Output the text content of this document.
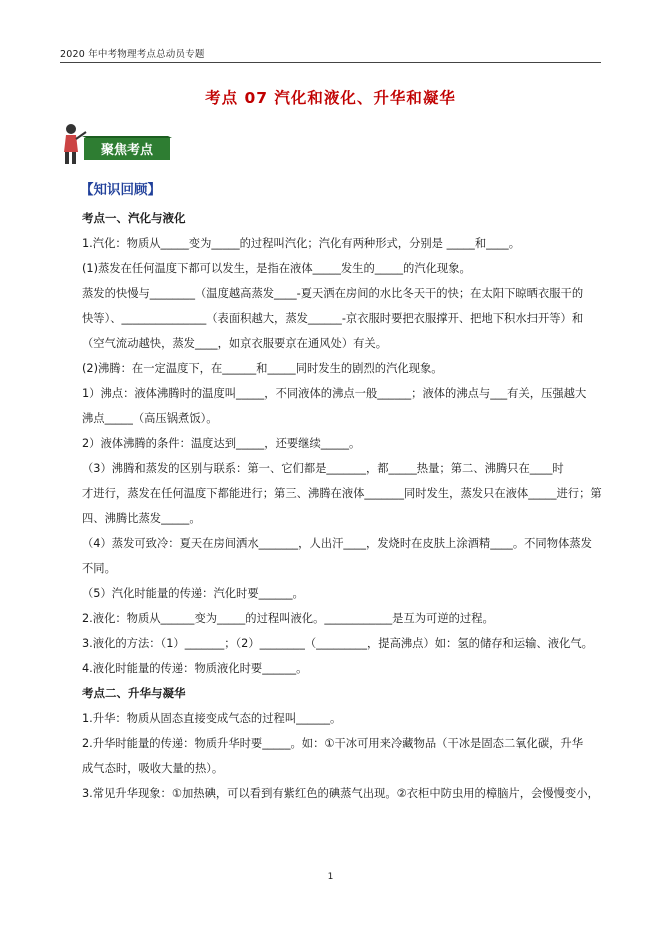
2020 年中考物理考点总动员专题
考点 07 汽化和液化、升华和凝华
聚焦考点
【知识回顾】
考点一、汽化与液化
1.汽化：物质从_____变为_____的过程叫汽化；汽化有两种形式，分别是 _____和____。
(1)蒸发在任何温度下都可以发生，是指在液体_____发生的_____的汽化现象。
蒸发的快慢与________（温度越高蒸发____-夏天洒在房间的水比冬天干的快；在太阳下晾晒衣服干的
快等）、_______________（表面积越大，蒸发______-京衣服时要把衣服撑开、把地下积水扫开等）和
（空气流动越快，蒸发____，如京衣服要京在通风处）有关。
(2)沸腾：在一定温度下，在______和_____同时发生的剧烈的汽化现象。
1）沸点：液体沸腾时的温度叫_____，不同液体的沸点一般______；液体的沸点与___有关，压强越大
沸点_____（高压锅煮饭）。
2）液体沸腾的条件：温度达到_____，还要继续_____。
（3）沸腾和蒸发的区别与联系：第一、它们都是_______，都_____热量；第二、沸腾只在____时
才进行，蒸发在任何温度下都能进行；第三、沸腾在液体_______同时发生，蒸发只在液体_____进行；第
四、沸腾比蒸发_____。
（4）蒸发可致冷：夏天在房间洒水_______，人出汗____，发烧时在皮肤上涂酒精____。不同物体蒸发
不同。
（5）汽化时能量的传递：汽化时要______。
2.液化：物质从______变为_____的过程叫液化。____________是互为可逆的过程。
3.液化的方法：（1）_______；（2）________（_________，提高沸点）如：氢的储存和运输、液化气。
4.液化时能量的传递：物质液化时要______。
考点二、升华与凝华
1.升华：物质从固态直接变成气态的过程叫______。
2.升华时能量的传递：物质升华时要_____。如：①干冰可用来冷藏物品（干冰是固态二氧化碳，升华
成气态时，吸收大量的热）。
3.常见升华现象：①加热碘，可以看到有紫红色的碘蒸气出现。②衣柜中防虫用的樟脑片，会慢慢变小，
1
